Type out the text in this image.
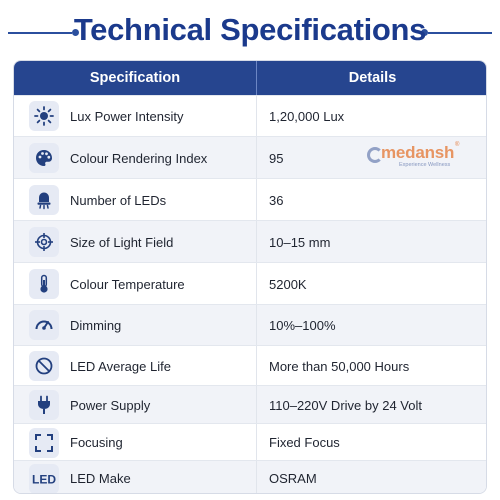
Technical Specifications
Specification	Details
Lux Power Intensity	1,20,000 Lux
Colour Rendering Index	95
Number of LEDs	36
Size of Light Field	10–15 mm
Colour Temperature	5200K
Dimming	10%–100%
LED Average Life	More than 50,000 Hours
Power Supply	110–220V Drive by 24 Volt
Focusing	Fixed Focus
LED LED Make	OSRAM
medansh ®
Experience Wellness
